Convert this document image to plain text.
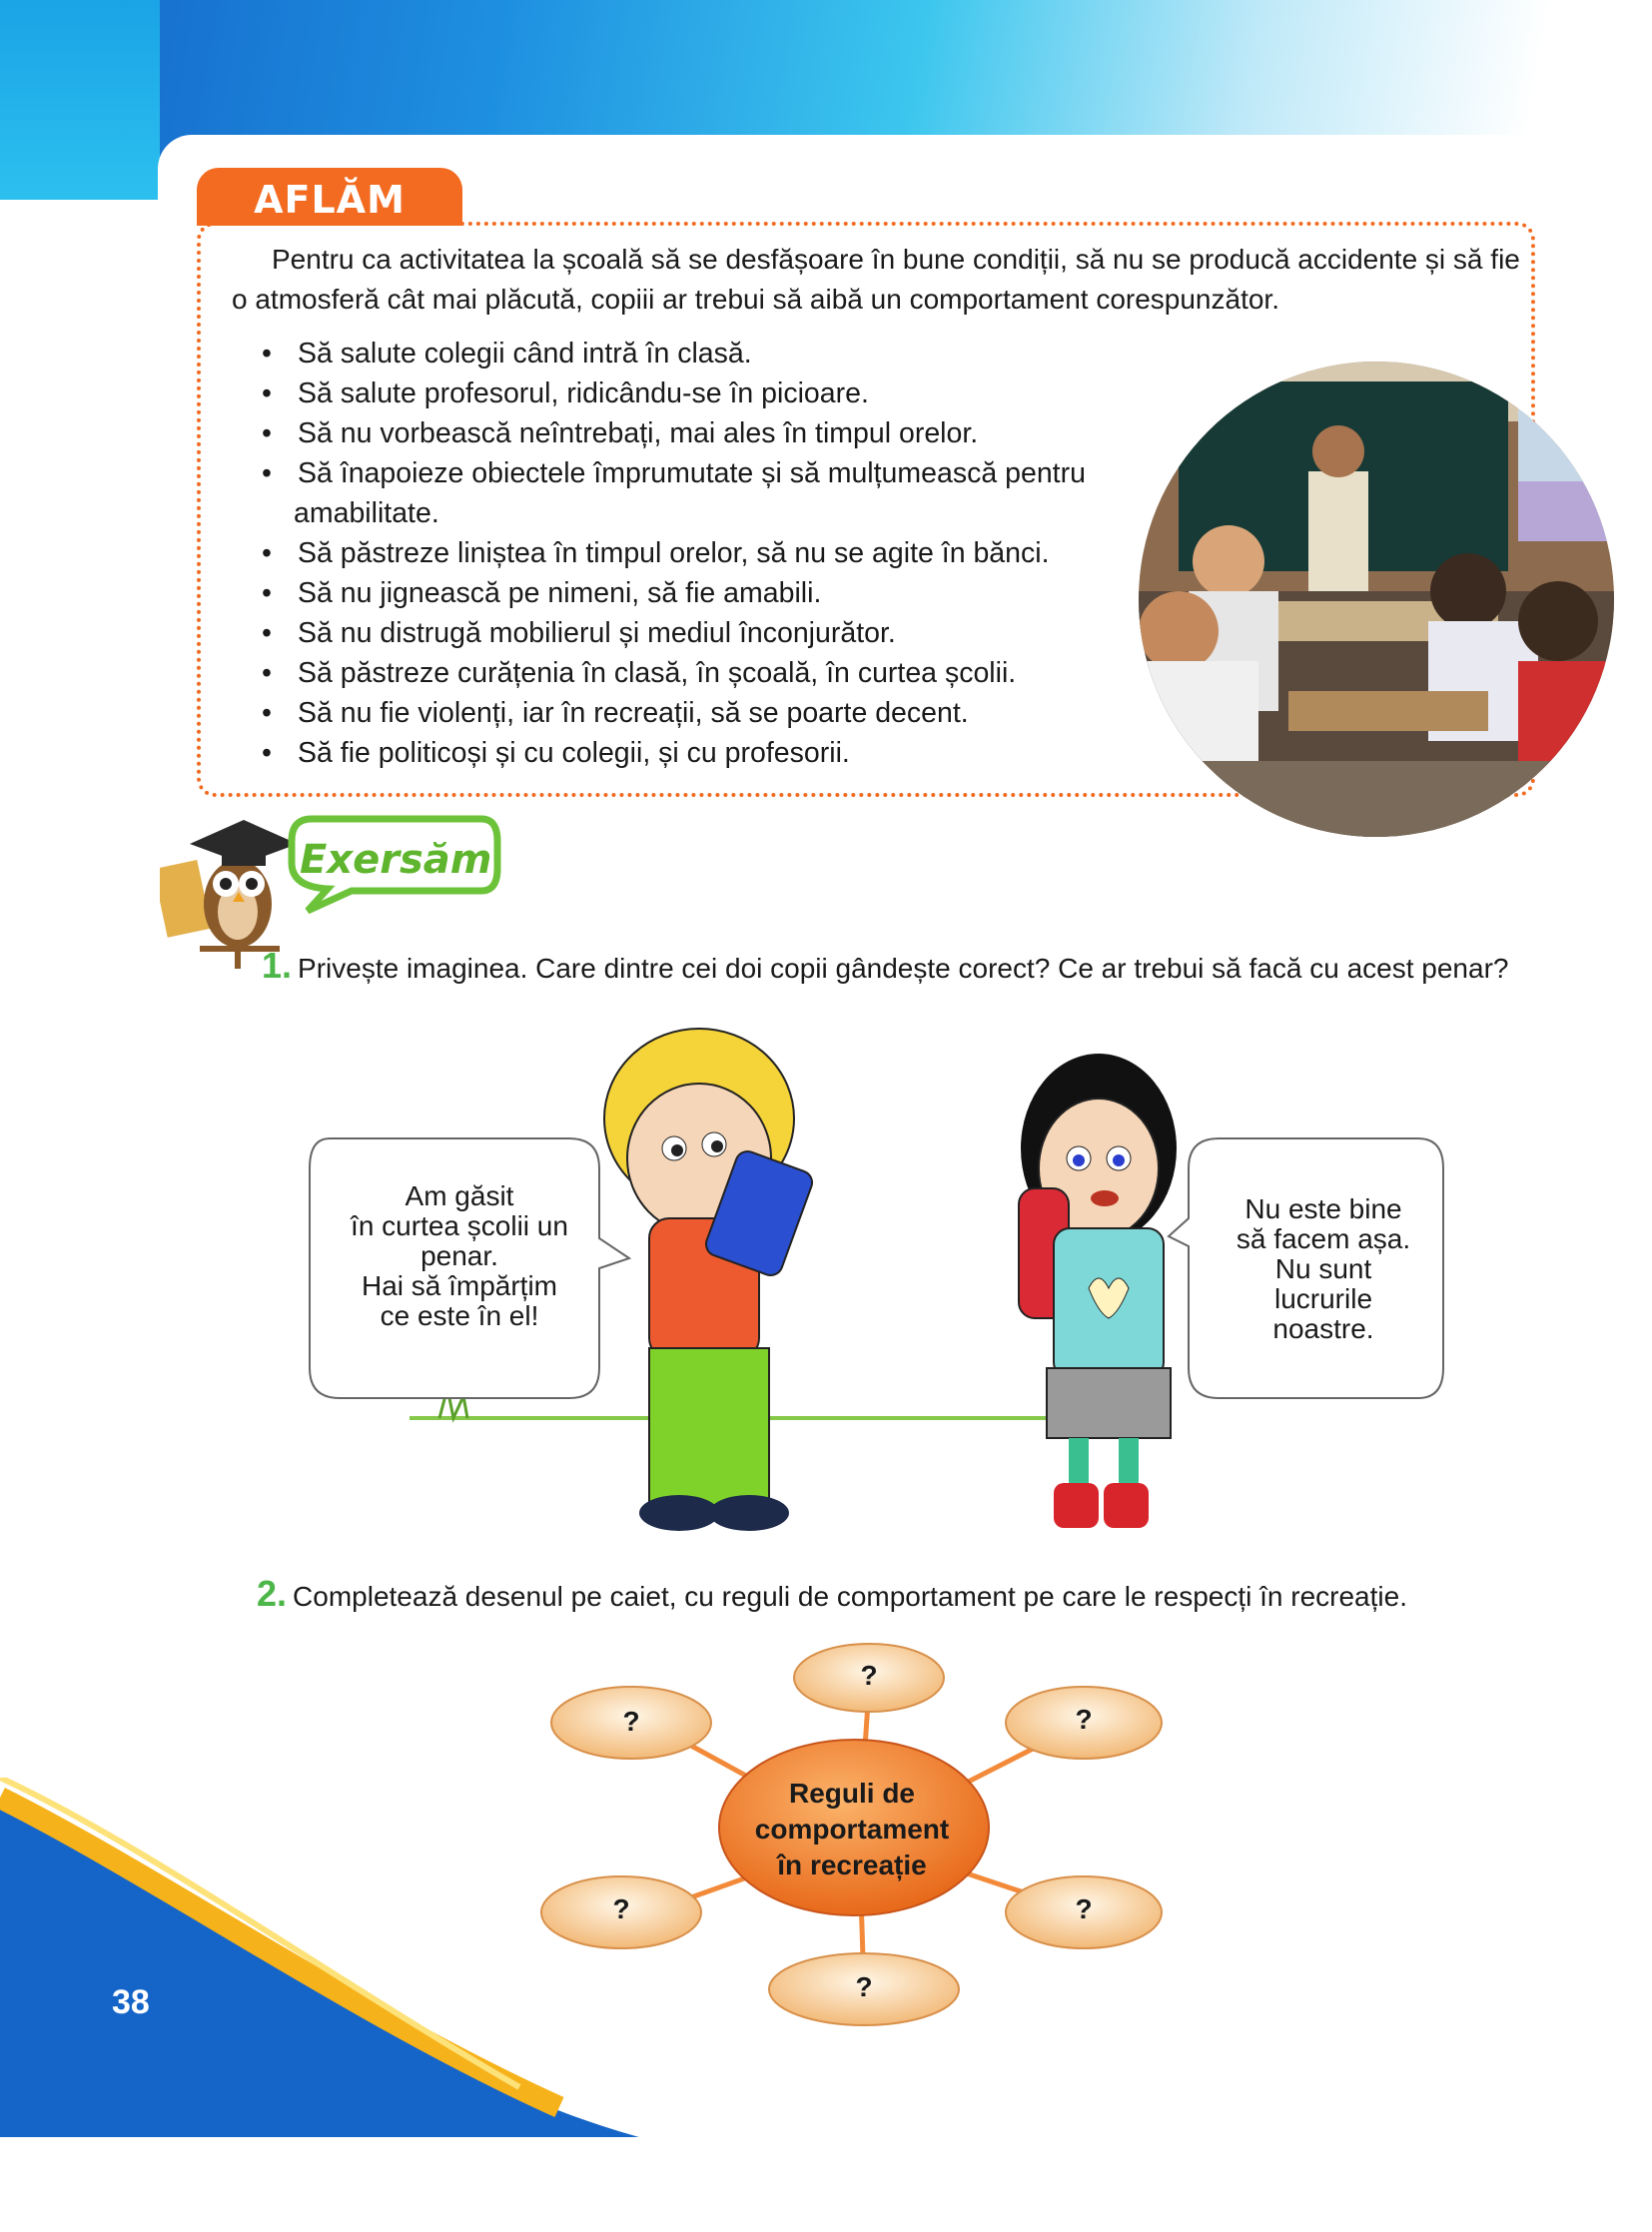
38
AFLĂM
Pentru ca activitatea la școală să se desfășoare în bune condiții, să nu se producă accidente și să fie o atmosferă cât mai plăcută, copiii ar trebui să aibă un comportament corespunzător.
• Să salute colegii când intră în clasă.
• Să salute profesorul, ridicându-se în picioare.
• Să nu vorbească neîntrebați, mai ales în timpul orelor.
• Să înapoieze obiectele împrumutate și să mulțumească pentru amabilitate.
• Să păstreze liniștea în timpul orelor, să nu se agite în bănci.
• Să nu jignească pe nimeni, să fie amabili.
• Să nu distrugă mobilierul și mediul înconjurător.
• Să păstreze curățenia în clasă, în școală, în curtea școlii.
• Să nu fie violenți, iar în recreații, să se poarte decent.
• Să fie politicoși și cu colegii, și cu profesorii.
Exersăm
1. Privește imaginea. Care dintre cei doi copii gândește corect? Ce ar trebui să facă cu acest penar?
Am găsit
în curtea școlii un
penar.
Hai să împărțim
ce este în el!
Nu este bine
să facem așa.
Nu sunt
lucrurile
noastre.
2. Completează desenul pe caiet, cu reguli de comportament pe care le respecți în recreație.
Reguli de
comportament
în recreație
?
?	?
?	?
?
